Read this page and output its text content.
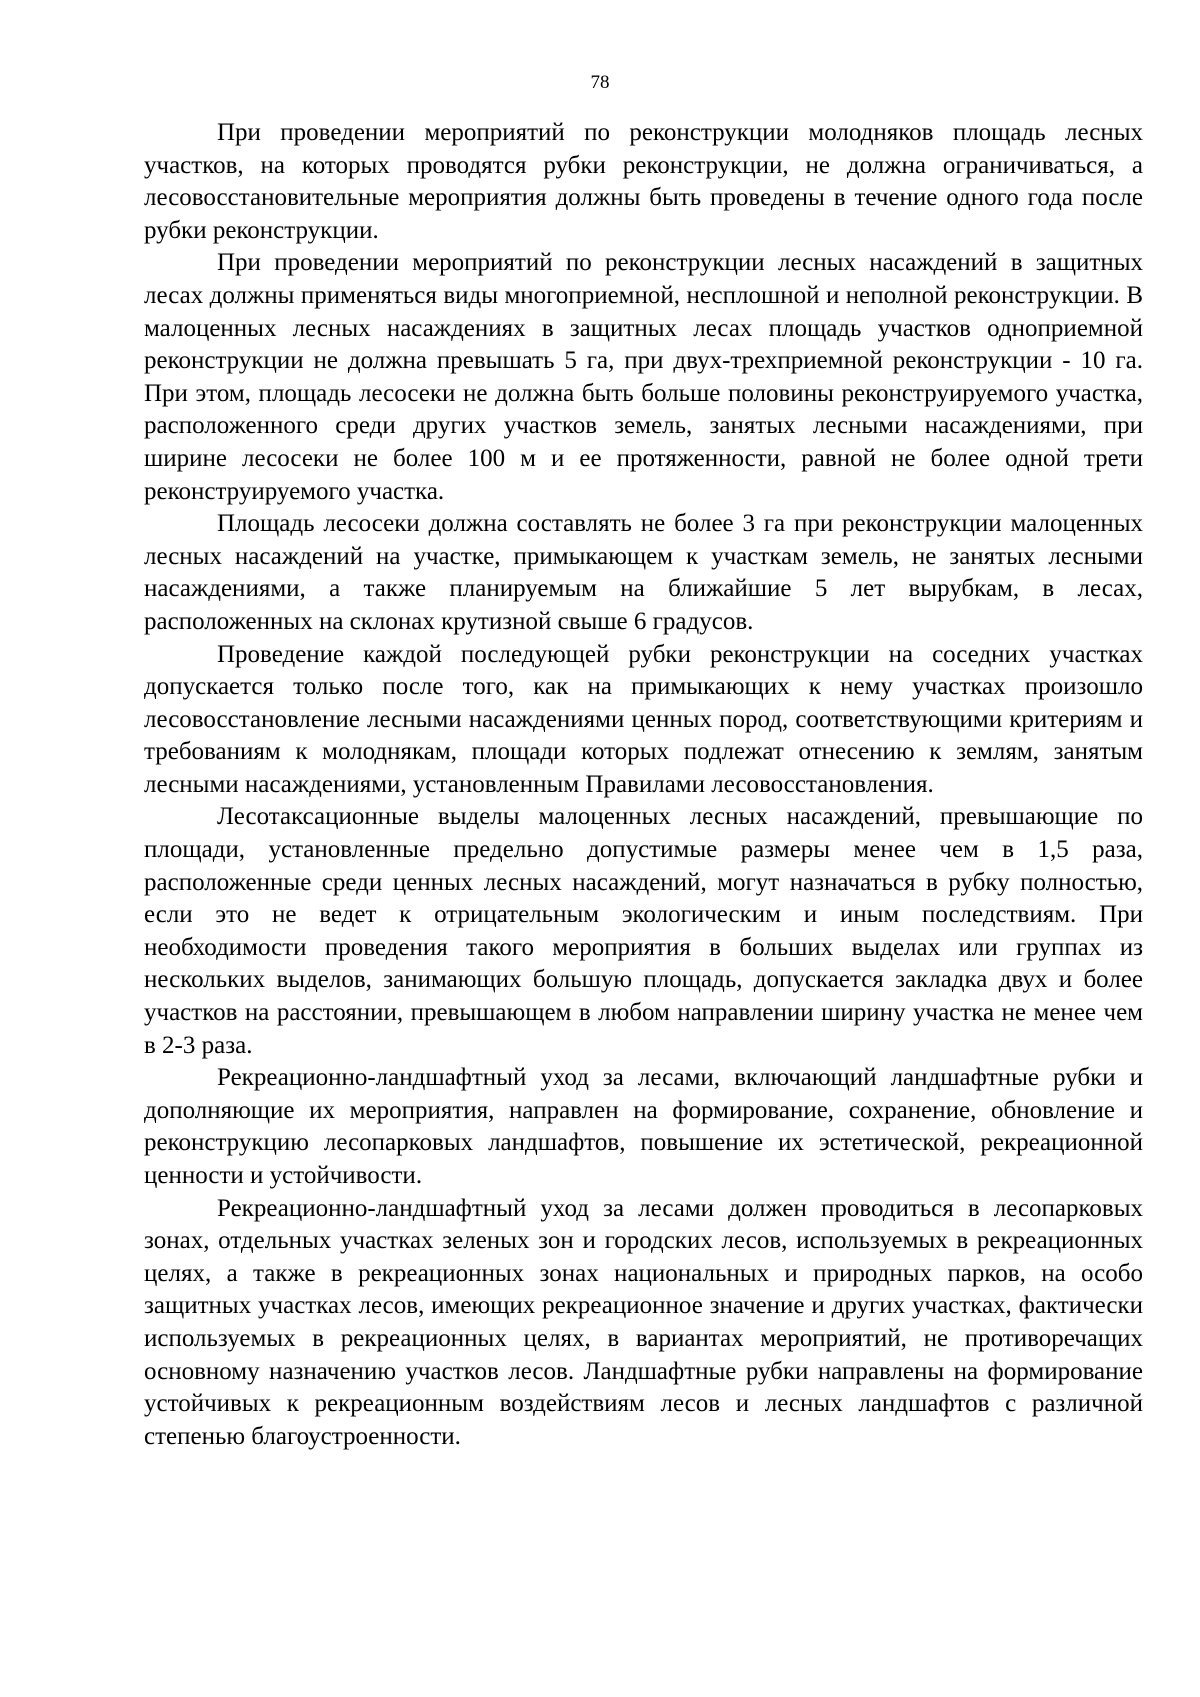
78

При проведении мероприятий по реконструкции молодняков площадь лесных участков, на которых проводятся рубки реконструкции, не должна ограничиваться, а лесовосстановительные мероприятия должны быть проведены в течение одного года после рубки реконструкции.

При проведении мероприятий по реконструкции лесных насаждений в защитных лесах должны применяться виды многоприемной, несплошной и неполной реконструкции. В малоценных лесных насаждениях в защитных лесах площадь участков одноприемной реконструкции не должна превышать 5 га, при двух-трехприемной реконструкции - 10 га. При этом, площадь лесосеки не должна быть больше половины реконструируемого участка, расположенного среди других участков земель, занятых лесными насаждениями, при ширине лесосеки не более 100 м и ее протяженности, равной не более одной трети реконструируемого участка.

Площадь лесосеки должна составлять не более 3 га при реконструкции малоценных лесных насаждений на участке, примыкающем к участкам земель, не занятых лесными насаждениями, а также планируемым на ближайшие 5 лет вырубкам, в лесах, расположенных на склонах крутизной свыше 6 градусов.

Проведение каждой последующей рубки реконструкции на соседних участках допускается только после того, как на примыкающих к нему участках произошло лесовосстановление лесными насаждениями ценных пород, соответствующими критериям и требованиям к молоднякам, площади которых подлежат отнесению к землям, занятым лесными насаждениями, установленным Правилами лесовосстановления.

Лесотаксационные выделы малоценных лесных насаждений, превышающие по площади, установленные предельно допустимые размеры менее чем в 1,5 раза, расположенные среди ценных лесных насаждений, могут назначаться в рубку полностью, если это не ведет к отрицательным экологическим и иным последствиям. При необходимости проведения такого мероприятия в больших выделах или группах из нескольких выделов, занимающих большую площадь, допускается закладка двух и более участков на расстоянии, превышающем в любом направлении ширину участка не менее чем в 2-3 раза.

Рекреационно-ландшафтный уход за лесами, включающий ландшафтные рубки и дополняющие их мероприятия, направлен на формирование, сохранение, обновление и реконструкцию лесопарковых ландшафтов, повышение их эстетической, рекреационной ценности и устойчивости.

Рекреационно-ландшафтный уход за лесами должен проводиться в лесопарковых зонах, отдельных участках зеленых зон и городских лесов, используемых в рекреационных целях, а также в рекреационных зонах национальных и природных парков, на особо защитных участках лесов, имеющих рекреационное значение и других участках, фактически используемых в рекреационных целях, в вариантах мероприятий, не противоречащих основному назначению участков лесов. Ландшафтные рубки направлены на формирование устойчивых к рекреационным воздействиям лесов и лесных ландшафтов с различной степенью благоустроенности.
